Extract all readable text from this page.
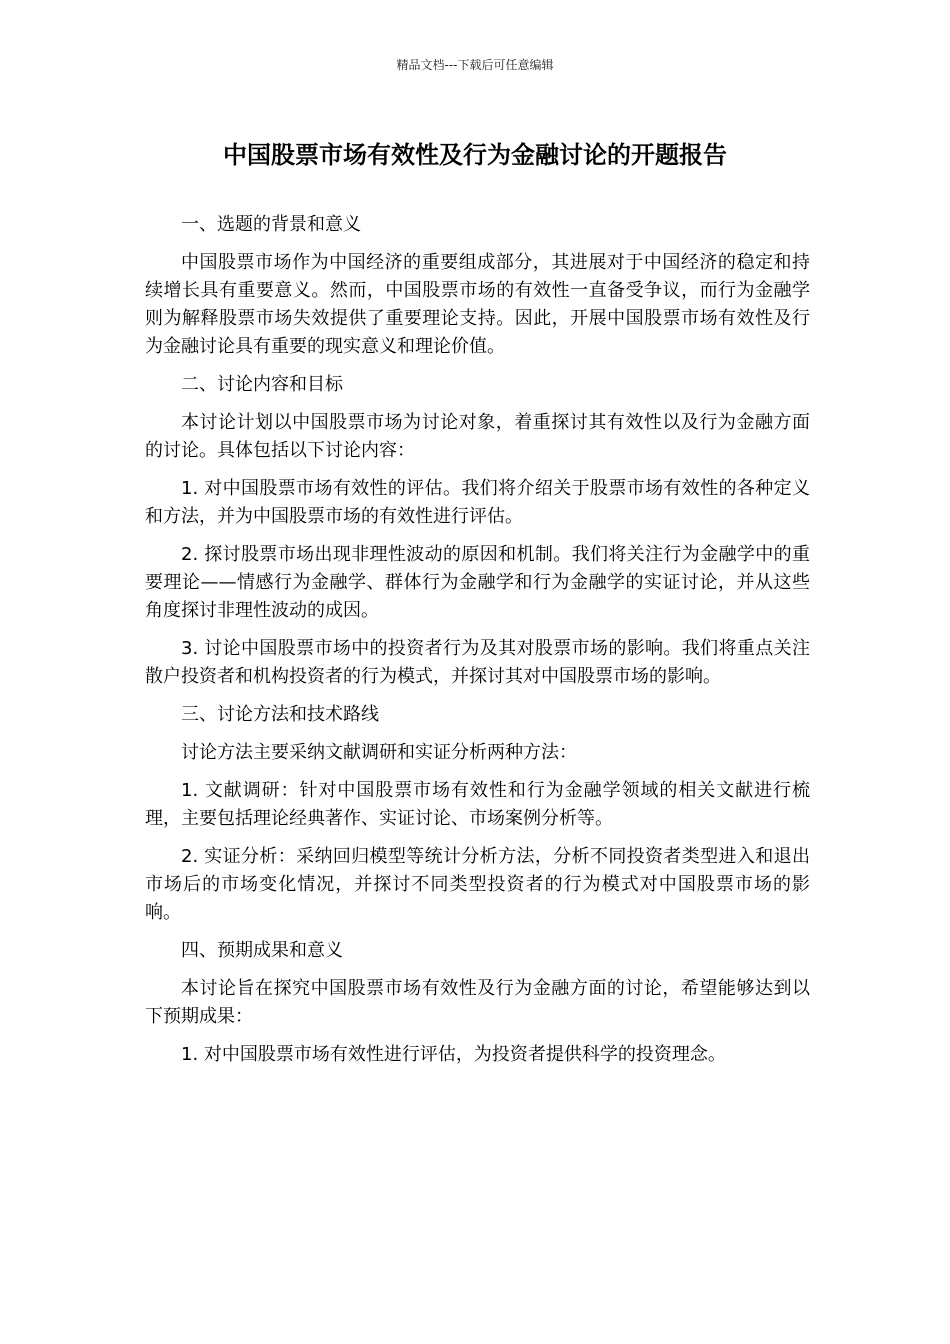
精品文档---下载后可任意编辑
中国股票市场有效性及行为金融讨论的开题报告

一、选题的背景和意义

中国股票市场作为中国经济的重要组成部分，其进展对于中国经济的稳定和持续增长具有重要意义。然而，中国股票市场的有效性一直备受争议，而行为金融学则为解释股票市场失效提供了重要理论支持。因此，开展中国股票市场有效性及行为金融讨论具有重要的现实意义和理论价值。

二、讨论内容和目标

本讨论计划以中国股票市场为讨论对象，着重探讨其有效性以及行为金融方面的讨论。具体包括以下讨论内容：

1. 对中国股票市场有效性的评估。我们将介绍关于股票市场有效性的各种定义和方法，并为中国股票市场的有效性进行评估。

2. 探讨股票市场出现非理性波动的原因和机制。我们将关注行为金融学中的重要理论——情感行为金融学、群体行为金融学和行为金融学的实证讨论，并从这些角度探讨非理性波动的成因。

3. 讨论中国股票市场中的投资者行为及其对股票市场的影响。我们将重点关注散户投资者和机构投资者的行为模式，并探讨其对中国股票市场的影响。

三、讨论方法和技术路线

讨论方法主要采纳文献调研和实证分析两种方法：

1. 文献调研：针对中国股票市场有效性和行为金融学领域的相关文献进行梳理，主要包括理论经典著作、实证讨论、市场案例分析等。

2. 实证分析：采纳回归模型等统计分析方法，分析不同投资者类型进入和退出市场后的市场变化情况，并探讨不同类型投资者的行为模式对中国股票市场的影响。

四、预期成果和意义

本讨论旨在探究中国股票市场有效性及行为金融方面的讨论，希望能够达到以下预期成果：

1. 对中国股票市场有效性进行评估，为投资者提供科学的投资理念。
